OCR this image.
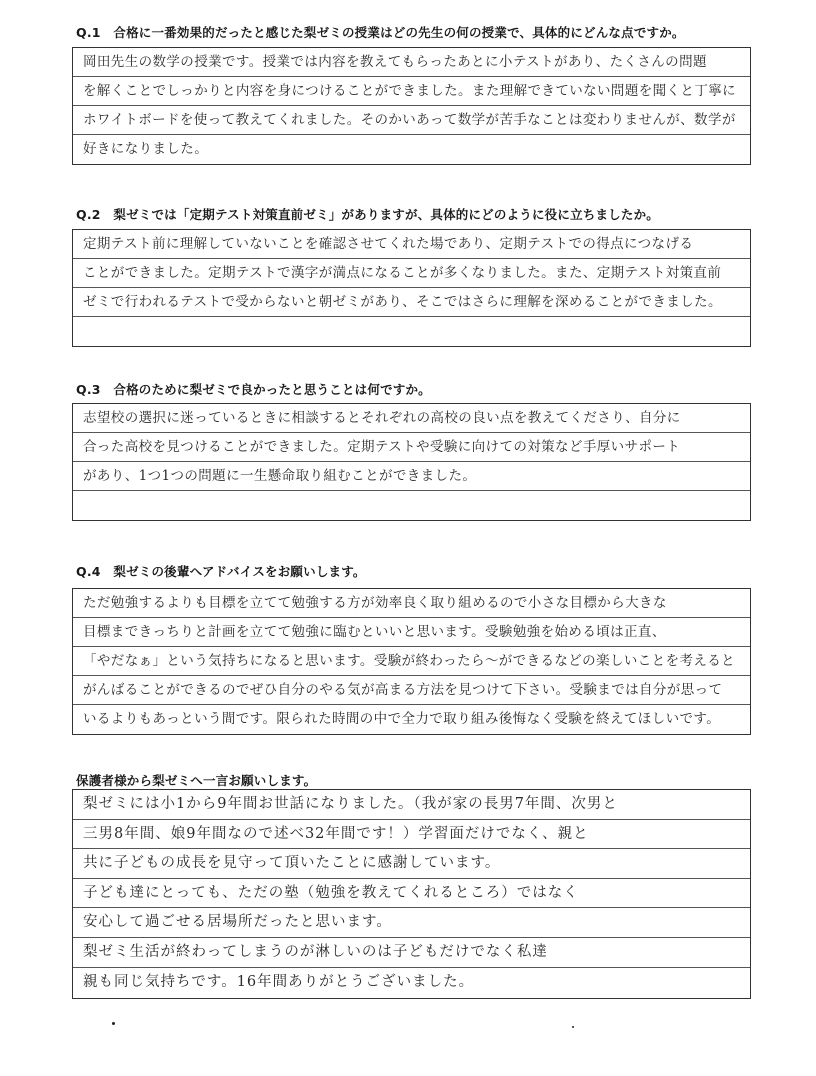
Q.1　合格に一番効果的だったと感じた梨ゼミの授業はどの先生の何の授業で、具体的にどんな点ですか。
岡田先生の数学の授業です。授業では内容を教えてもらったあとに小テストがあり、たくさんの問題
を解くことでしっかりと内容を身につけることができました。また理解できていない問題を聞くと丁寧に
ホワイトボードを使って教えてくれました。そのかいあって数学が苦手なことは変わりませんが、数学が
好きになりました。
Q.2　梨ゼミでは「定期テスト対策直前ゼミ」がありますが、具体的にどのように役に立ちましたか。
定期テスト前に理解していないことを確認させてくれた場であり、定期テストでの得点につなげる
ことができました。定期テストで漢字が満点になることが多くなりました。また、定期テスト対策直前
ゼミで行われるテストで受からないと朝ゼミがあり、そこではさらに理解を深めることができました。
Q.3　合格のために梨ゼミで良かったと思うことは何ですか。
志望校の選択に迷っているときに相談するとそれぞれの高校の良い点を教えてくださり、自分に
合った高校を見つけることができました。定期テストや受験に向けての対策など手厚いサポート
があり、1つ1つの問題に一生懸命取り組むことができました。
Q.4　梨ゼミの後輩へアドバイスをお願いします。
ただ勉強するよりも目標を立てて勉強する方が効率良く取り組めるので小さな目標から大きな
目標まできっちりと計画を立てて勉強に臨むといいと思います。受験勉強を始める頃は正直、
「やだなぁ」という気持ちになると思います。受験が終わったら〜ができるなどの楽しいことを考えると
がんばることができるのでぜひ自分のやる気が高まる方法を見つけて下さい。受験までは自分が思って
いるよりもあっという間です。限られた時間の中で全力で取り組み後悔なく受験を終えてほしいです。
保護者様から梨ゼミへ一言お願いします。
梨ゼミには小1から9年間お世話になりました。（我が家の長男7年間、次男と
三男8年間、娘9年間なので述べ32年間です！）学習面だけでなく、親と
共に子どもの成長を見守って頂いたことに感謝しています。
子ども達にとっても、ただの塾（勉強を教えてくれるところ）ではなく
安心して過ごせる居場所だったと思います。
梨ゼミ生活が終わってしまうのが淋しいのは子どもだけでなく私達
親も同じ気持ちです。16年間ありがとうございました。
